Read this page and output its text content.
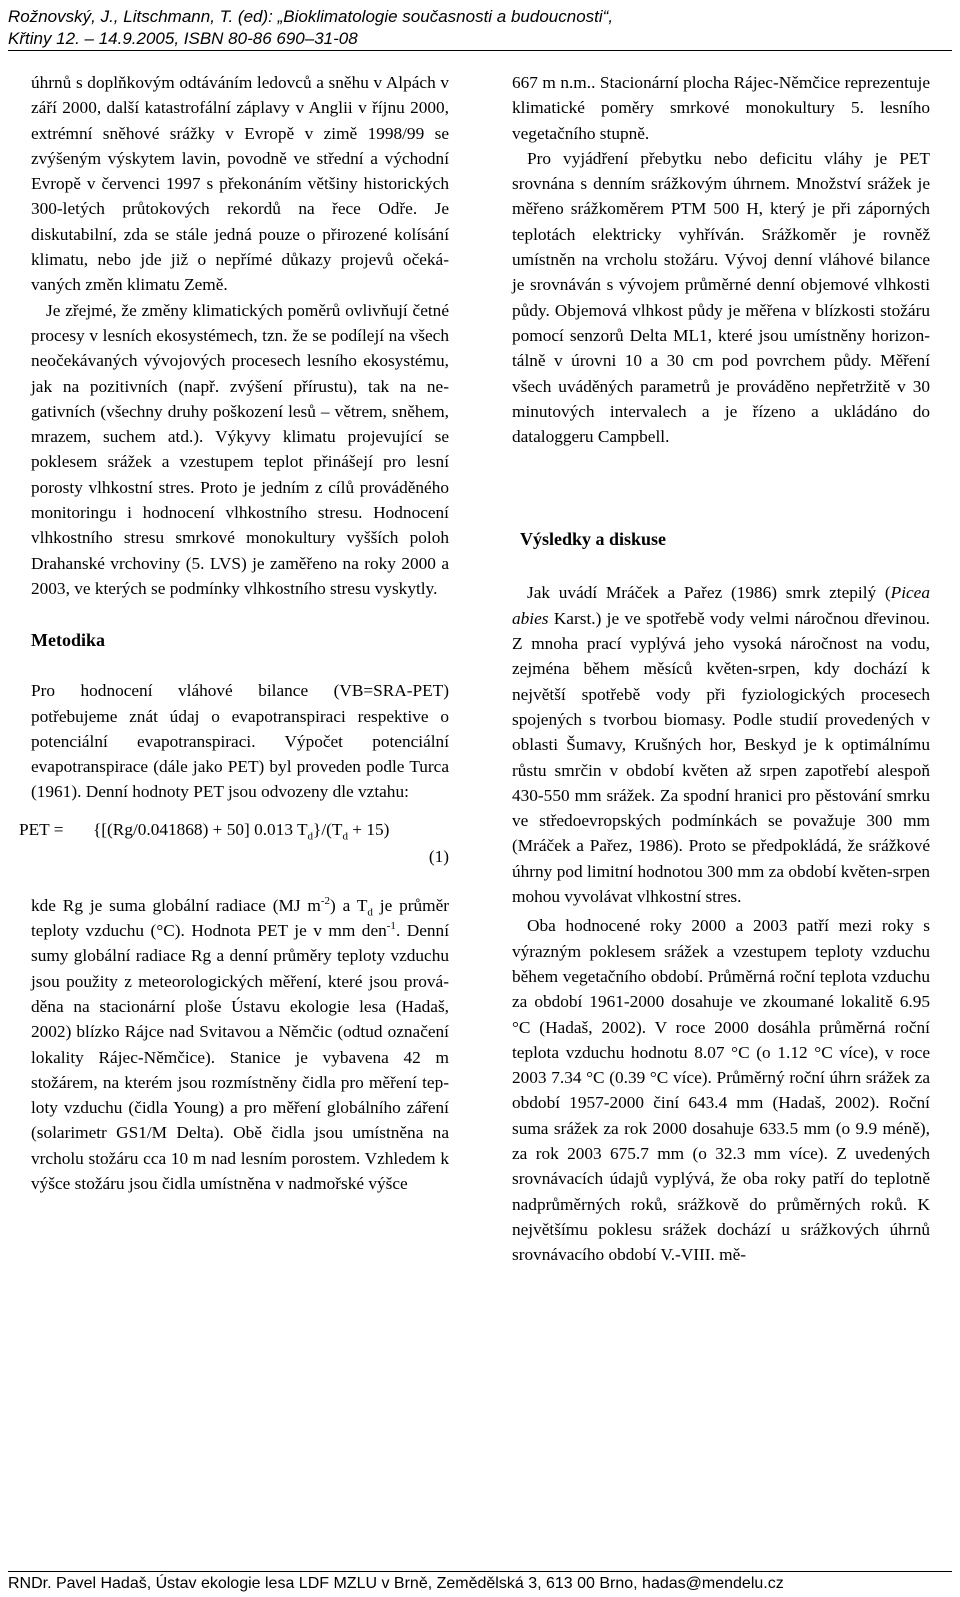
Rožnovský, J., Litschmann, T. (ed): „Bioklimatologie současnosti a budoucnosti“,
Křtiny 12. – 14.9.2005, ISBN 80-86 690–31-08

úhrnů s doplňkovým odtáváním ledovců a sněhu v Alpách v září 2000, další katastrofální záplavy v Anglii v říjnu 2000, extrémní sněhové srážky v Evropě v zimě 1998/99 se zvýšeným výskytem lavin, povodně ve střední a východní Evropě v červenci 1997 s překonáním většiny historických 300-letých průtokových rekordů na řece Odře. Je diskutabilní, zda se stále jedná pouze o přirozené kolísání klimatu, nebo jde již o nepřímé důkazy projevů očekávaných změn klimatu Země.

Je zřejmé, že změny klimatických poměrů ovlivňují četné procesy v lesních ekosystémech, tzn. že se podílejí na všech neočekávaných vývojových procesech lesního ekosystému, jak na pozitivních (např. zvýšení přírustu), tak na negativních (všechny druhy poškození lesů – větrem, sněhem, mrazem, suchem atd.). Výkyvy klimatu projevující se poklesem srážek a vzestupem teplot přinášejí pro lesní porosty vlhkostní stres. Proto je jedním z cílů prováděného monitoringu i hodnocení vlhkostního stresu. Hodnocení vlhkostního stresu smrkové monokultury vyšších poloh Drahanské vrchoviny (5. LVS) je zaměřeno na roky 2000 a 2003, ve kterých se podmínky vlhkostního stresu vyskytly.

Metodika

Pro hodnocení vláhové bilance (VB=SRA-PET) potřebujeme znát údaj o evapotranspiraci respektive o potenciální evapotranspiraci. Výpočet potenciální evapotranspirace (dále jako PET) byl proveden podle Turca (1961). Denní hodnoty PET jsou odvozeny dle vztahu:

PET = {[(Rg/0.041868) + 50] 0.013 $T_d\}/(T_d + 15)$
(1)

kde Rg je suma globální radiace (MJ $m^{-2}$) a $T_d$ je průměr teploty vzduchu (°C). Hodnota PET je v mm den$^{-1}$. Denní sumy globální radiace Rg a denní průměry teploty vzduchu jsou použity z meteorologických měření, které jsou prováděna na stacionární ploše Ústavu ekologie lesa (Hadaš, 2002) blízko Rájce nad Svitavou a Němčic (odtud označení lokality Rájec-Němčice). Stanice je vybavena 42 m stožárem, na kterém jsou rozmístněny čidla pro měření teploty vzduchu (čidla Young) a pro měření globálního záření (solarimetr GS1/M Delta). Obě čidla jsou umístněna na vrcholu stožáru cca 10 m nad lesním porostem. Vzhledem k výšce stožáru jsou čidla umístněna v nadmořské výšce

667 m n.m.. Stacionární plocha Rájec-Němčice reprezentuje klimatické poměry smrkové monokultury 5. lesního vegetačního stupně.

Pro vyjádření přebytku nebo deficitu vláhy je PET srovnána s denním srážkovým úhrnem. Množství srážek je měřeno srážkoměrem PTM 500 H, který je při záporných teplotách elektricky vyhříván. Srážkoměr je rovněž umístněn na vrcholu stožáru. Vývoj denní vláhové bilance je srovnáván s vývojem průměrné denní objemové vlhkosti půdy. Objemová vlhkost půdy je měřena v blízkosti stožáru pomocí senzorů Delta ML1, které jsou umístněny horizontálně v úrovni 10 a 30 cm pod povrchem půdy. Měření všech uváděných parametrů je prováděno nepřetržitě v 30 minutových intervalech a je řízeno a ukládáno do dataloggeru Campbell.

Výsledky a diskuse

Jak uvádí Mráček a Pařez (1986) smrk ztepilý (Picea abies Karst.) je ve spotřebě vody velmi náročnou dřevinou. Z mnoha prací vyplývá jeho vysoká náročnost na vodu, zejména během měsíců květen-srpen, kdy dochází k největší spotřebě vody při fyziologických procesech spojených s tvorbou biomasy. Podle studií provedených v oblasti Šumavy, Krušných hor, Beskyd je k optimálnímu růstu smrčin v období květen až srpen zapotřebí alespoň 430-550 mm srážek. Za spodní hranici pro pěstování smrku ve středoevropských podmínkách se považuje 300 mm (Mráček a Pařez, 1986). Proto se předpokládá, že srážkové úhrny pod limitní hodnotou 300 mm za období květen-srpen mohou vyvolávat vlhkostní stres.

Oba hodnocené roky 2000 a 2003 patří mezi roky s výrazným poklesem srážek a vzestupem teploty vzduchu během vegetačního období. Průměrná roční teplota vzduchu za období 1961-2000 dosahuje ve zkoumané lokalitě 6.95 °C (Hadaš, 2002). V roce 2000 dosáhla průměrná roční teplota vzduchu hodnotu 8.07 °C (o 1.12 °C více), v roce 2003 7.34 °C (0.39 °C více). Průměrný roční úhrn srážek za období 1957-2000 činí 643.4 mm (Hadaš, 2002). Roční suma srážek za rok 2000 dosahuje 633.5 mm (o 9.9 méně), za rok 2003 675.7 mm (o 32.3 mm více). Z uvedených srovnávacích údajů vyplývá, že oba roky patří do teplotně nadprůměrných roků, srážkově do průměrných roků. K největšímu poklesu srážek dochází u srážkových úhrnů srovnávacího období V.-VIII. mě-

RNDr. Pavel Hadaš, Ústav ekologie lesa LDF MZLU v Brně, Zemědělská 3, 613 00 Brno, hadas@mendelu.cz
